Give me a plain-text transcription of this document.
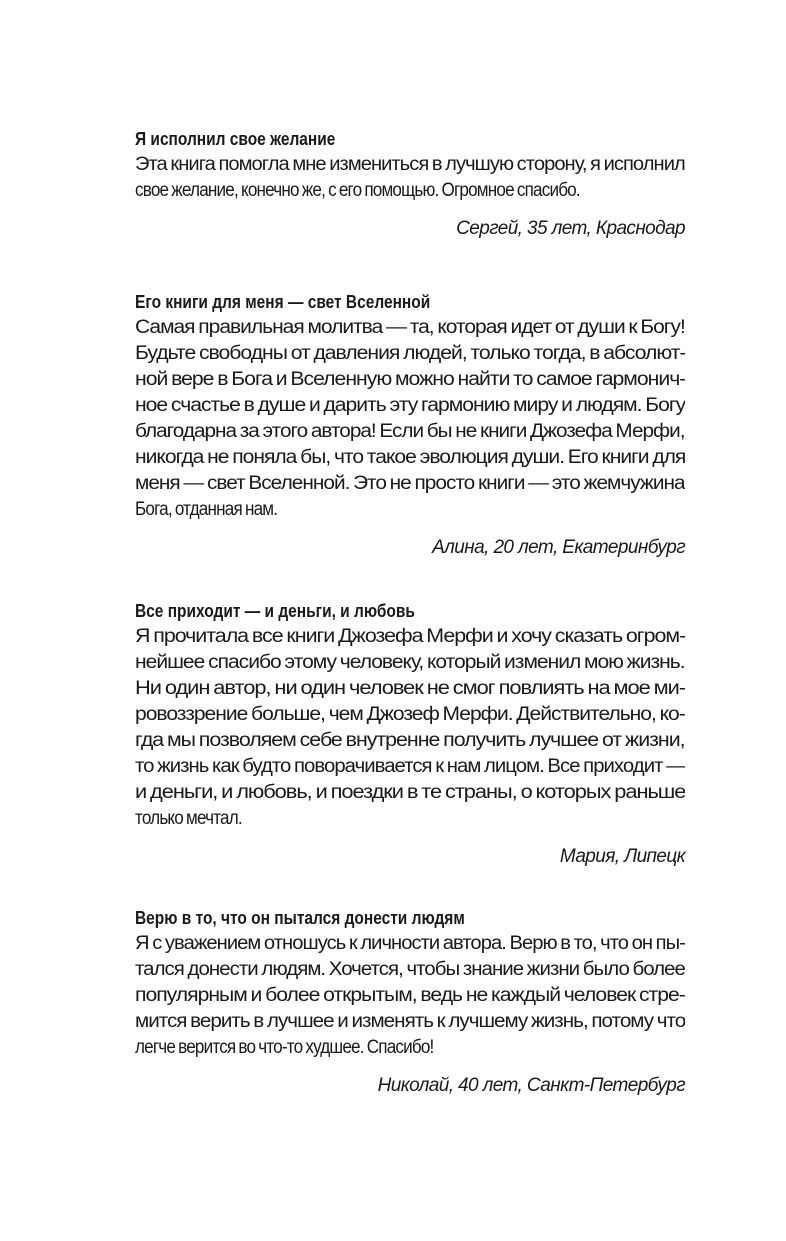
Я исполнил свое желание
Эта книга помогла мне измениться в лучшую сторону, я исполнил
свое желание, конечно же, с его помощью. Огромное спасибо.
Сергей, 35 лет, Краснодар
Его книги для меня — свет Вселенной
Самая правильная молитва — та, которая идет от души к Богу!
Будьте свободны от давления людей, только тогда, в абсолют-
ной вере в Бога и Вселенную можно найти то самое гармонич-
ное счастье в душе и дарить эту гармонию миру и людям. Богу
благодарна за этого автора! Если бы не книги Джозефа Мерфи,
никогда не поняла бы, что такое эволюция души. Его книги для
меня — свет Вселенной. Это не просто книги — это жемчужина
Бога, отданная нам.
Алина, 20 лет, Екатеринбург
Все приходит — и деньги, и любовь
Я прочитала все книги Джозефа Мерфи и хочу сказать огром-
нейшее спасибо этому человеку, который изменил мою жизнь.
Ни один автор, ни один человек не смог повлиять на мое ми-
ровоззрение больше, чем Джозеф Мерфи. Действительно, ко-
гда мы позволяем себе внутренне получить лучшее от жизни,
то жизнь как будто поворачивается к нам лицом. Все приходит —
и деньги, и любовь, и поездки в те страны, о которых раньше
только мечтал.
Мария, Липецк
Верю в то, что он пытался донести людям
Я с уважением отношусь к личности автора. Верю в то, что он пы-
тался донести людям. Хочется, чтобы знание жизни было более
популярным и более открытым, ведь не каждый человек стре-
мится верить в лучшее и изменять к лучшему жизнь, потому что
легче верится во что-то худшее. Спасибо!
Николай, 40 лет, Санкт-Петербург
